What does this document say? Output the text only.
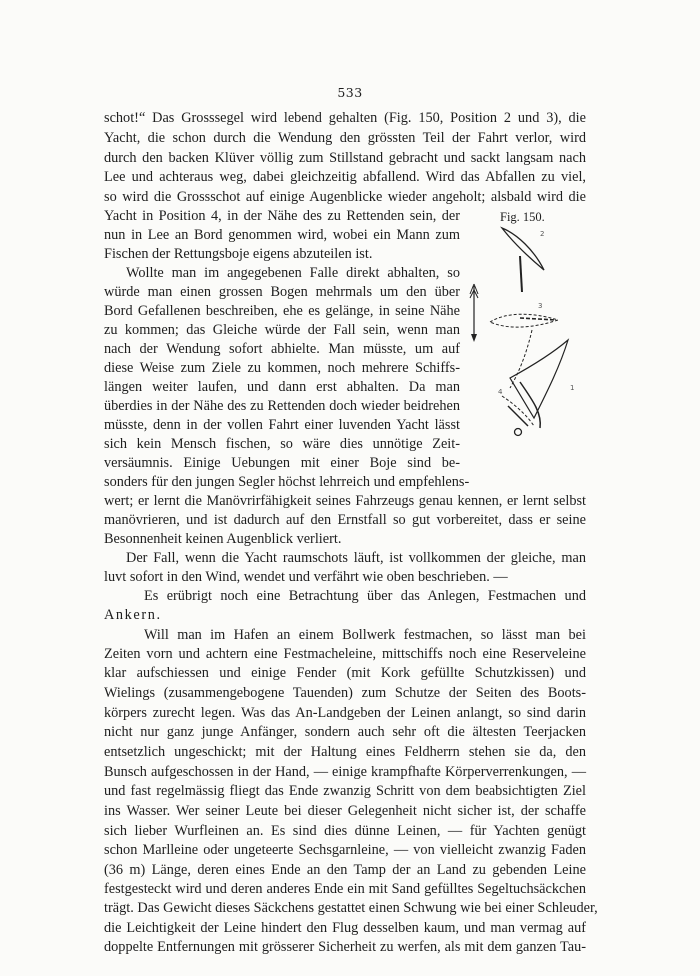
533
schot!“ Das Grosssegel wird lebend gehalten (Fig. 150, Position 2 und 3), die
Yacht, die schon durch die Wendung den grössten Teil der Fahrt verlor, wird
durch den backen Klüver völlig zum Stillstand gebracht und sackt langsam nach
Lee und achteraus weg, dabei gleichzeitig abfallend. Wird das Abfallen zu viel,
so wird die Grossschot auf einige Augenblicke wieder angeholt; alsbald wird die
Yacht in Position 4, in der Nähe des zu Rettenden sein, der
nun in Lee an Bord genommen wird, wobei ein Mann zum
Fischen der Rettungsboje eigens abzuteilen ist.
Wollte man im angegebenen Falle direkt abhalten, so
würde man einen grossen Bogen mehrmals um den über
Bord Gefallenen beschreiben, ehe es gelänge, in seine Nähe
zu kommen; das Gleiche würde der Fall sein, wenn man
nach der Wendung sofort abhielte. Man müsste, um auf
diese Weise zum Ziele zu kommen, noch mehrere Schiffs-
längen weiter laufen, und dann erst abhalten. Da man
überdies in der Nähe des zu Rettenden doch wieder beidrehen
müsste, denn in der vollen Fahrt einer luvenden Yacht lässt
sich kein Mensch fischen, so wäre dies unnötige Zeit-
versäumnis. Einige Uebungen mit einer Boje sind be-
sonders für den jungen Segler höchst lehrreich und empfehlens-
wert; er lernt die Manövrirfähigkeit seines Fahrzeugs genau kennen, er lernt selbst
manövrieren, und ist dadurch auf den Ernstfall so gut vorbereitet, dass er seine
Besonnenheit keinen Augenblick verliert.
Der Fall, wenn die Yacht raumschots läuft, ist vollkommen der gleiche, man
luvt sofort in den Wind, wendet und verfährt wie oben beschrieben. —
Es erübrigt noch eine Betrachtung über das Anlegen, Festmachen und
Ankern.
Will man im Hafen an einem Bollwerk festmachen, so lässt man bei
Zeiten vorn und achtern eine Festmacheleine, mittschiffs noch eine Reserveleine
klar aufschiessen und einige Fender (mit Kork gefüllte Schutzkissen) und
Wielings (zusammengebogene Tauenden) zum Schutze der Seiten des Boots-
körpers zurecht legen. Was das An-Landgeben der Leinen anlangt, so sind darin
nicht nur ganz junge Anfänger, sondern auch sehr oft die ältesten Teerjacken
entsetzlich ungeschickt; mit der Haltung eines Feldherrn stehen sie da, den
Bunsch aufgeschossen in der Hand, — einige krampfhafte Körperverrenkungen, —
und fast regelmässig fliegt das Ende zwanzig Schritt von dem beabsichtigten Ziel
ins Wasser. Wer seiner Leute bei dieser Gelegenheit nicht sicher ist, der schaffe
sich lieber Wurfleinen an. Es sind dies dünne Leinen, — für Yachten genügt
schon Marlleine oder ungeteerte Sechsgarnleine, — von vielleicht zwanzig Faden
(36 m) Länge, deren eines Ende an den Tamp der an Land zu gebenden Leine
festgesteckt wird und deren anderes Ende ein mit Sand gefülltes Segeltuchsäckchen
trägt. Das Gewicht dieses Säckchens gestattet einen Schwung wie bei einer Schleuder,
die Leichtigkeit der Leine hindert den Flug desselben kaum, und man vermag auf
doppelte Entfernungen mit grösserer Sicherheit zu werfen, als mit dem ganzen Tau-
Fig. 150.
2
3
4	1
